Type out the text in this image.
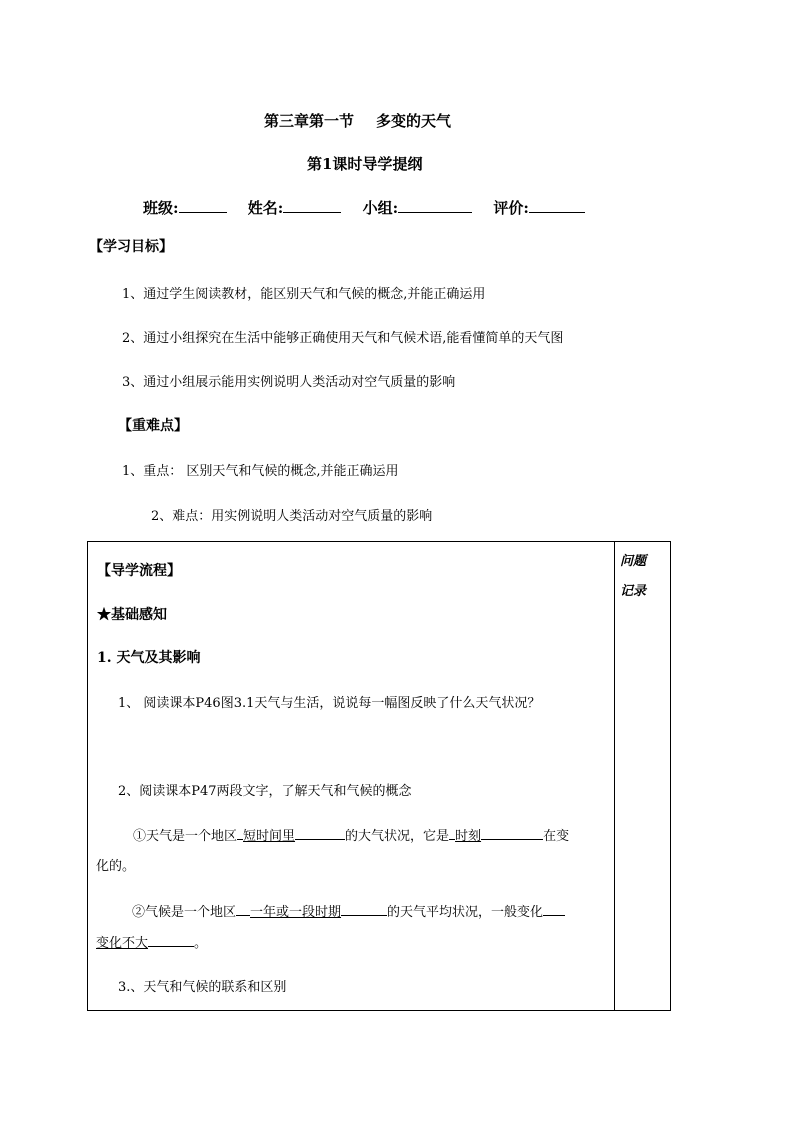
第三章第一节 多变的天气
第1课时导学提纲
班级:	姓名:	小组:	评价:
【学习目标】
1、通过学生阅读教材，能区别天气和气候的概念,并能正确运用
2、通过小组探究在生活中能够正确使用天气和气候术语,能看懂简单的天气图
3、通过小组展示能用实例说明人类活动对空气质量的影响
【重难点】
1、重点： 区别天气和气候的概念,并能正确运用
2、难点：用实例说明人类活动对空气质量的影响
问题
记录
【导学流程】
★基础感知
1. 天气及其影响
1、 阅读课本P46图3.1天气与生活，说说每一幅图反映了什么天气状况？
2、阅读课本P47两段文字，了解天气和气候的概念
①天气是一个地区 短时间里	的大气状况，它是 时刻	在变
化的。
②气候是一个地区 一年或一段时期	的天气平均状况，一般变化
变化不大	。
3.、天气和气候的联系和区别
